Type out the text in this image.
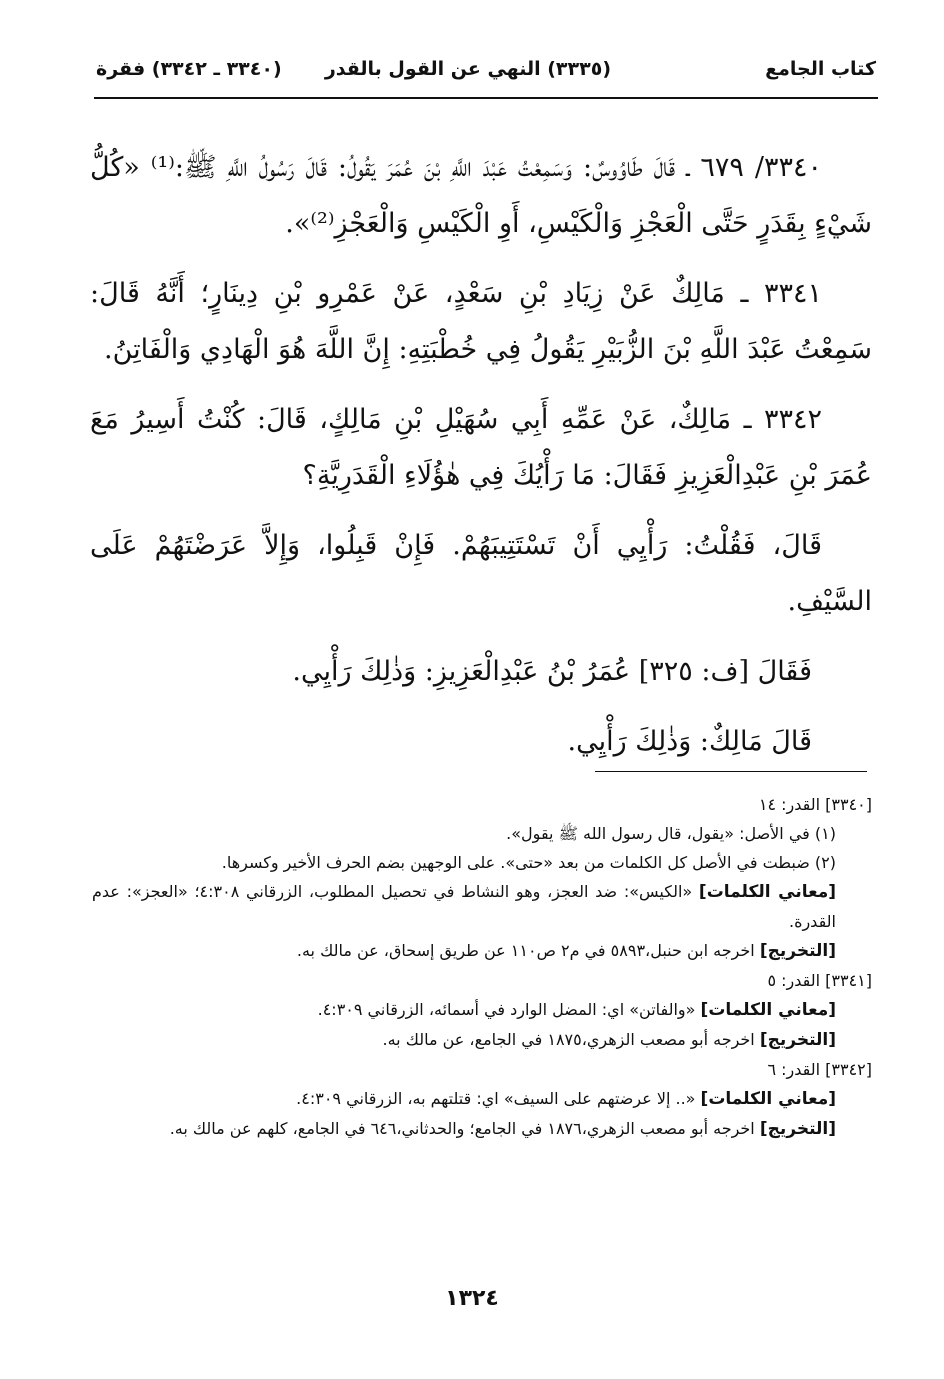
كتاب الجامع
(٣٣٣٥) النهي عن القول بالقدر
(٣٣٤٠ ـ ٣٣٤٢) فقرة

٣٣٤٠/ ٦٧٩ ـ قَالَ طَاوُوسٌ: وَسَمِعْتُ عَبْدَ اللَّهِ بْنَ عُمَرَ يَقُولُ: قَالَ رَسُولُ اللَّهِ ﷺ:⁽¹⁾ «كُلُّ شَيْءٍ بِقَدَرٍ حَتَّى الْعَجْزِ وَالْكَيْسِ، أَوِ الْكَيْسِ وَالْعَجْزِ⁽²⁾».

٣٣٤١ ـ مَالِكٌ عَنْ زِيَادِ بْنِ سَعْدٍ، عَنْ عَمْرِو بْنِ دِينَارٍ؛ أَنَّهُ قَالَ: سَمِعْتُ عَبْدَ اللَّهِ بْنَ الزُّبَيْرِ يَقُولُ فِي خُطْبَتِهِ: إِنَّ اللَّهَ هُوَ الْهَادِي وَالْفَاتِنُ.

٣٣٤٢ ـ مَالِكٌ، عَنْ عَمِّهِ أَبِي سُهَيْلِ بْنِ مَالِكٍ، قَالَ: كُنْتُ أَسِيرُ مَعَ عُمَرَ بْنِ عَبْدِالْعَزِيزِ فَقَالَ: مَا رَأْيُكَ فِي هٰؤُلَاءِ الْقَدَرِيَّةِ؟

قَالَ، فَقُلْتُ: رَأْيِي أَنْ تَسْتَتِيبَهُمْ. فَإِنْ قَبِلُوا، وَإِلاَّ عَرَضْتَهُمْ عَلَى السَّيْفِ.

فَقَالَ [ف: ٣٢٥] عُمَرُ بْنُ عَبْدِالْعَزِيزِ: وَذٰلِكَ رَأْيِي.

قَالَ مَالِكٌ: وَذٰلِكَ رَأْيِي.

[٣٣٤٠] القدر: ١٤

(١) في الأصل: «يقول، قال رسول الله ﷺ يقول».

(٢) ضبطت في الأصل كل الكلمات من بعد «حتى». على الوجهين بضم الحرف الأخير وكسرها.

[معاني الكلمات] «الكيس»: ضد العجز، وهو النشاط في تحصيل المطلوب، الزرقاني ٤:٣٠٨؛ «العجز»: عدم القدرة.

[التخريج] اخرجه ابن حنبل،٥٨٩٣ في م٢ ص١١٠ عن طريق إسحاق، عن مالك به.

[٣٣٤١] القدر: ٥

[معاني الكلمات] «والفاتن» اي: المضل الوارد في أسمائه، الزرقاني ٤:٣٠٩.

[التخريج] اخرجه أبو مصعب الزهري،١٨٧٥ في الجامع، عن مالك به.

[٣٣٤٢] القدر: ٦

[معاني الكلمات] «.. إلا عرضتهم على السيف» اي: قتلتهم به، الزرقاني ٤:٣٠٩.

[التخريج] اخرجه أبو مصعب الزهري،١٨٧٦ في الجامع؛ والحدثاني،٦٤٦ في الجامع، كلهم عن مالك به.

١٣٢٤
